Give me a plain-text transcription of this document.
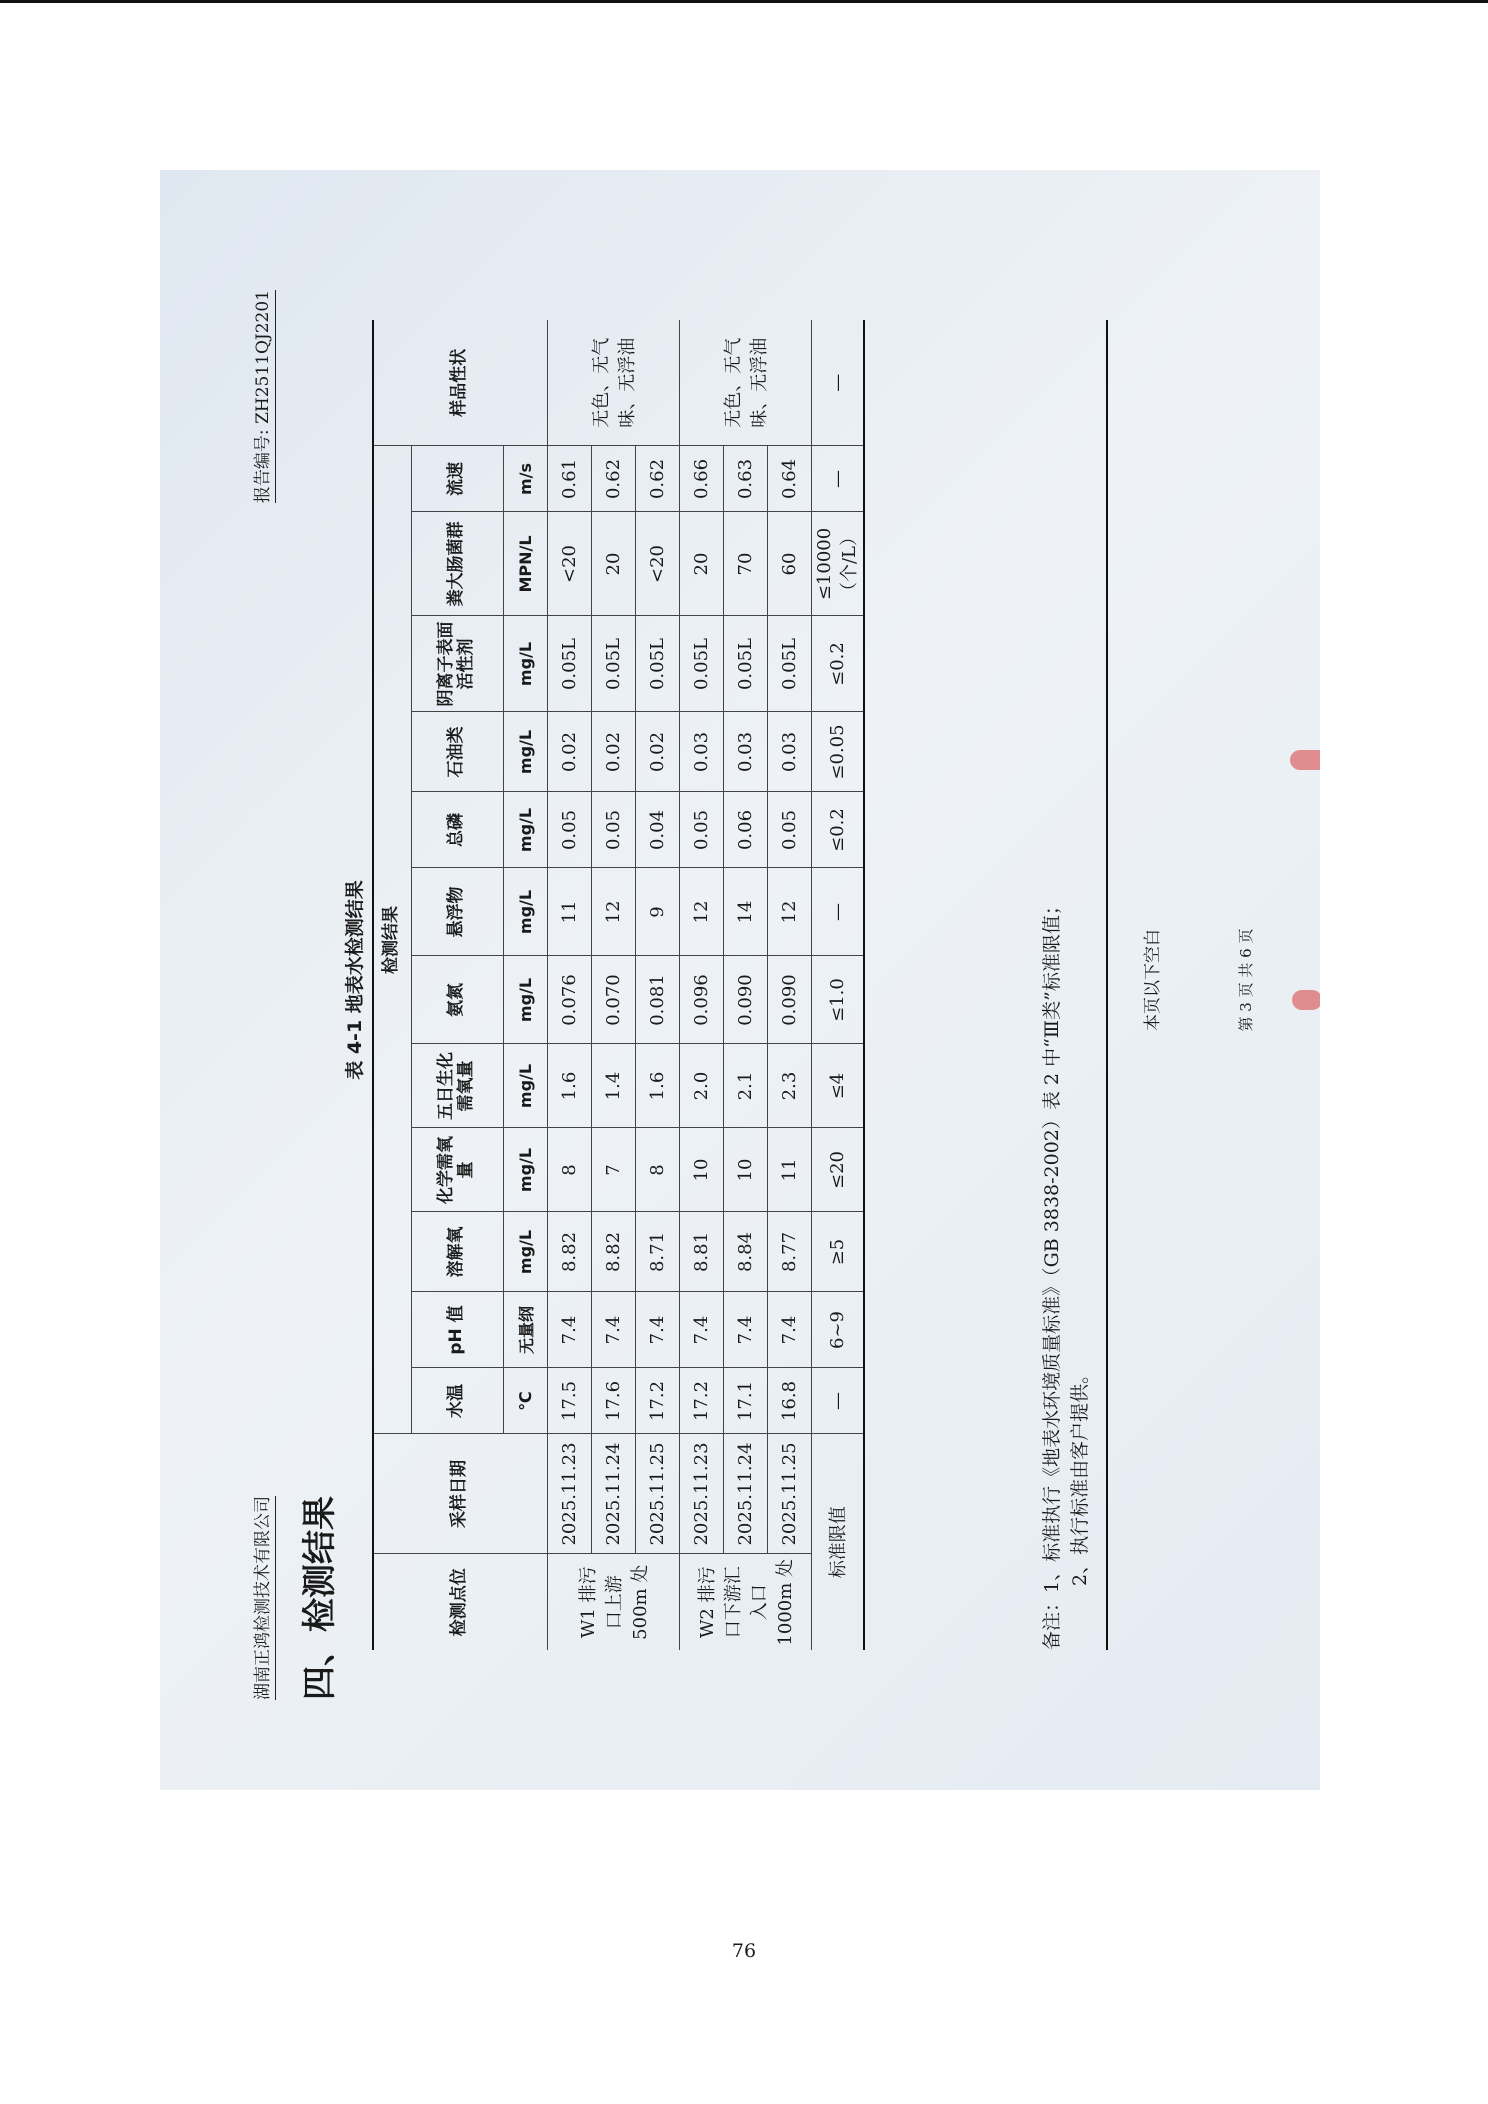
湖南正鸿检测技术有限公司
报告编号: ZH2511QJ2201
四、检测结果
表 4-1 地表水检测结果
检测点位	采样日期	检测结果												样品性状
		水温	pH 值	溶解氧	化学需氧量	五日生化需氧量	氨氮	悬浮物	总磷	石油类	阴离子表面活性剂	粪大肠菌群	流速	
		℃	无量纲	mg/L	mg/L	mg/L	mg/L	mg/L	mg/L	mg/L	mg/L	MPN/L	m/s	
W1 排污口上游 500m 处	2025.11.23	17.5	7.4	8.82	8	1.6	0.076	11	0.05	0.02	0.05L	<20	0.61	无色、无气味、无浮油
	2025.11.24	17.6	7.4	8.82	7	1.4	0.070	12	0.05	0.02	0.05L	20	0.62	
	2025.11.25	17.2	7.4	8.71	8	1.6	0.081	9	0.04	0.02	0.05L	<20	0.62	
W2 排污口下游汇入口 1000m 处	2025.11.23	17.2	7.4	8.81	10	2.0	0.096	12	0.05	0.03	0.05L	20	0.66	无色、无气味、无浮油
	2025.11.24	17.1	7.4	8.84	10	2.1	0.090	14	0.06	0.03	0.05L	70	0.63	
	2025.11.25	16.8	7.4	8.77	11	2.3	0.090	12	0.05	0.03	0.05L	60	0.64	
标准限值		—	6~9	≥5	≤20	≤4	≤1.0	—	≤0.2	≤0.05	≤0.2	≤10000（个/L）	—	—
备注：1、标准执行《地表水环境质量标准》（GB 3838-2002）表 2 中“Ⅲ类”标准限值； 2、执行标准由客户提供。
本页以下空白	第 3 页 共 6 页
76
